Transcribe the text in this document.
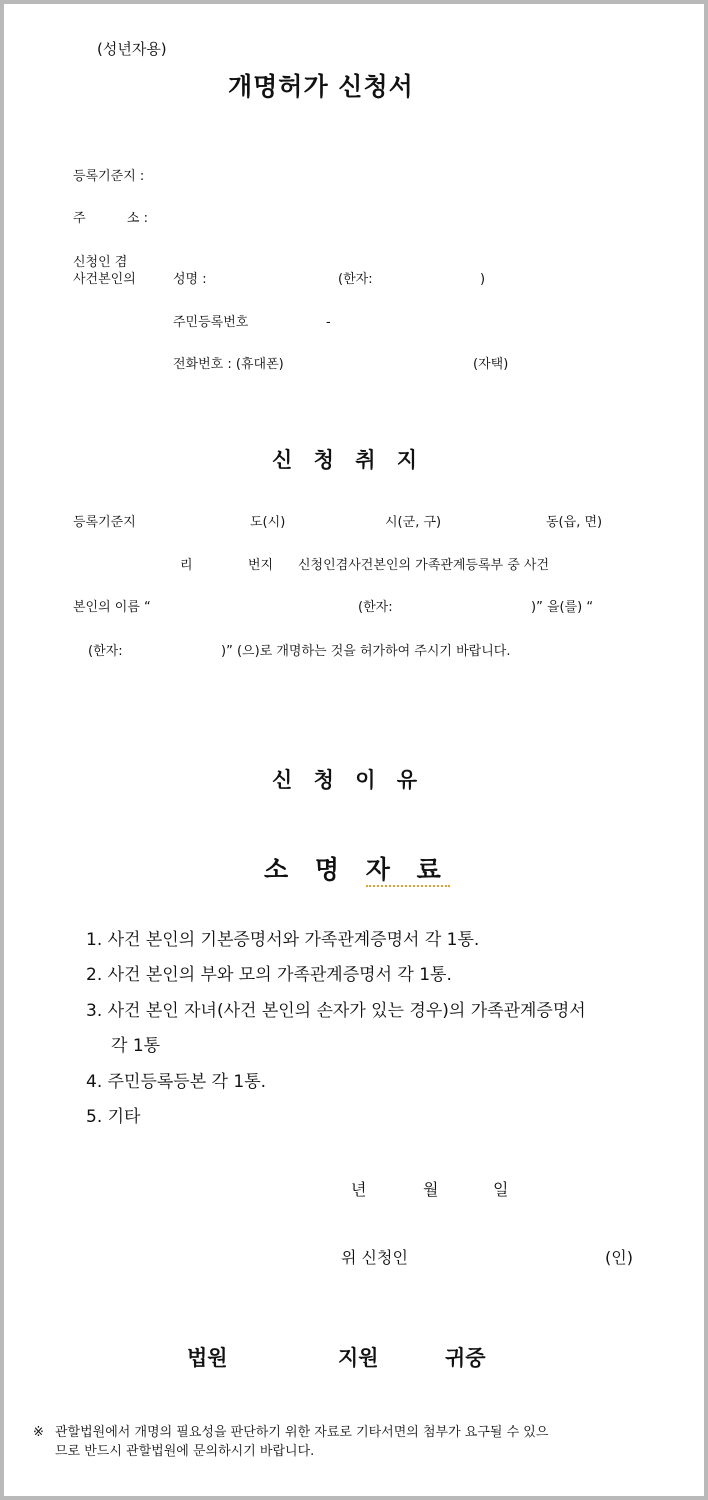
(성년자용)
개명허가 신청서
등록기준지 :
주          소 :
신청인 겸
사건본인의	성명 :	(한자:	)
주민등록번호	-
전화번호 : (휴대폰)	(자택)
신 청 취 지
등록기준지	도(시)	시(군, 구)	동(읍, 면)
리	번지 신청인겸사건본인의 가족관계등록부 중 사건
본인의 이름 “	(한자:	)” 을(를) “
(한자:	)” (으)로 개명하는 것을 허가하여 주시기 바랍니다.
신 청 이 유
소 명 자 료
1. 사건 본인의 기본증명서와 가족관계증명서 각 1통.
2. 사건 본인의 부와 모의 가족관계증명서 각 1통.
3. 사건 본인 자녀(사건 본인의 손자가 있는 경우)의 가족관계증명서
각 1통
4. 주민등록등본 각 1통.
5. 기타
년	월	일
위 신청인	(인)
법원	지원	귀중
※ 관할법원에서 개명의 필요성을 판단하기 위한 자료로 기타서면의 첨부가 요구될 수 있으
므로 반드시 관할법원에 문의하시기 바랍니다.
